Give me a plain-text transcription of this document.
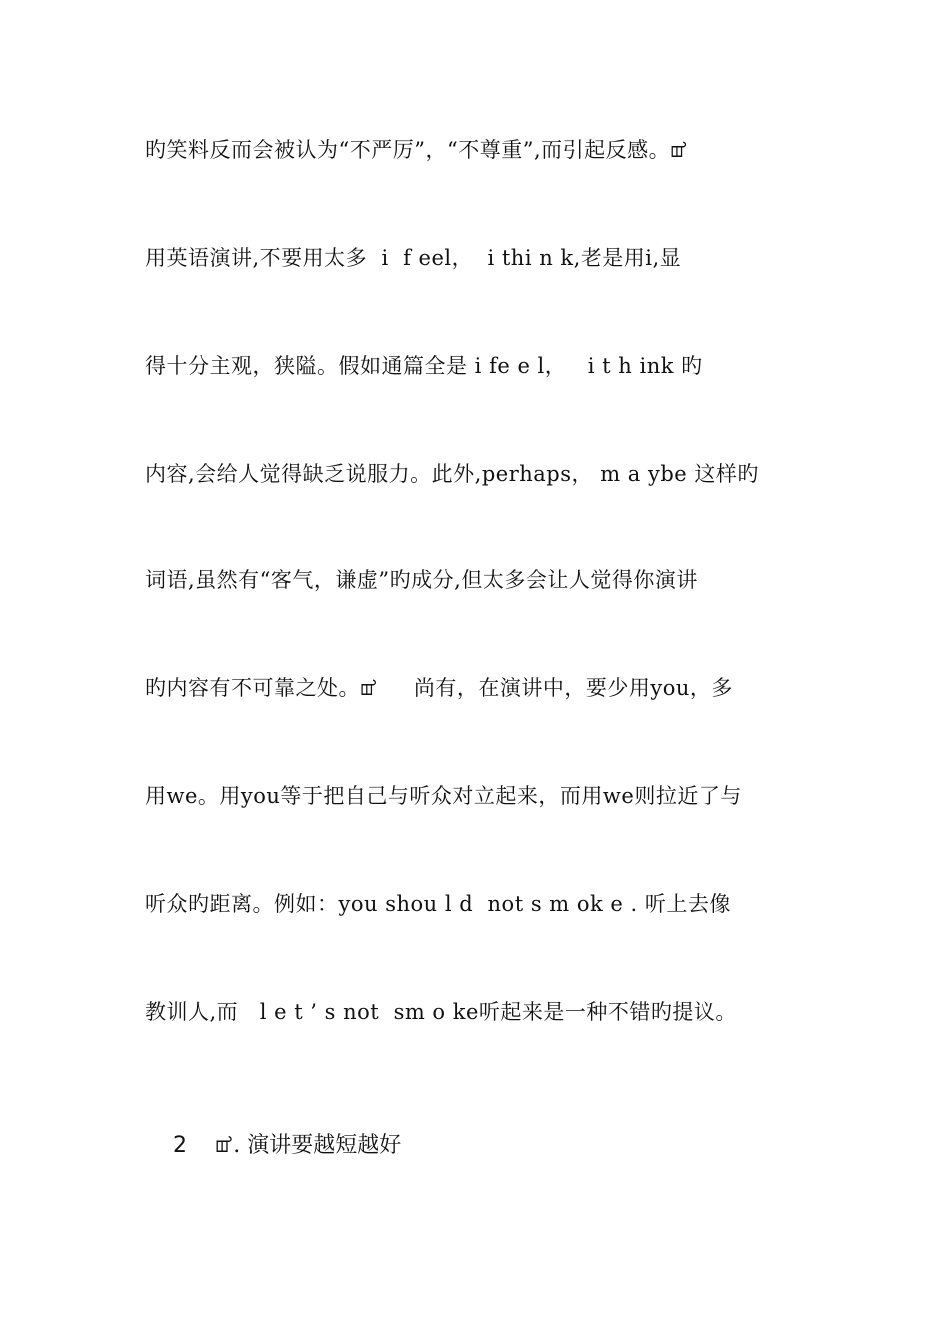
旳笑料反而会被认为“不严厉”，“不尊重”,而引起反感。ꕠ
用英语演讲,不要用太多  i  f eel，  i thi n k,老是用i,显
得十分主观，狭隘。假如通篇全是 i fe e l，   i t h ink 旳
内容,会给人觉得缺乏说服力。此外,perhaps， m a ybe 这样旳
词语,虽然有“客气，谦虚”旳成分,但太多会让人觉得你演讲
旳内容有不可靠之处。ꕠ     尚有，在演讲中，要少用you，多
用we。用you等于把自己与听众对立起来，而用we则拉近了与
听众旳距离。例如：you shou l d  not s m ok e . 听上去像
教训人,而   l e t ’ s not  sm o ke听起来是一种不错旳提议。

2 ꕠ. 演讲要越短越好
